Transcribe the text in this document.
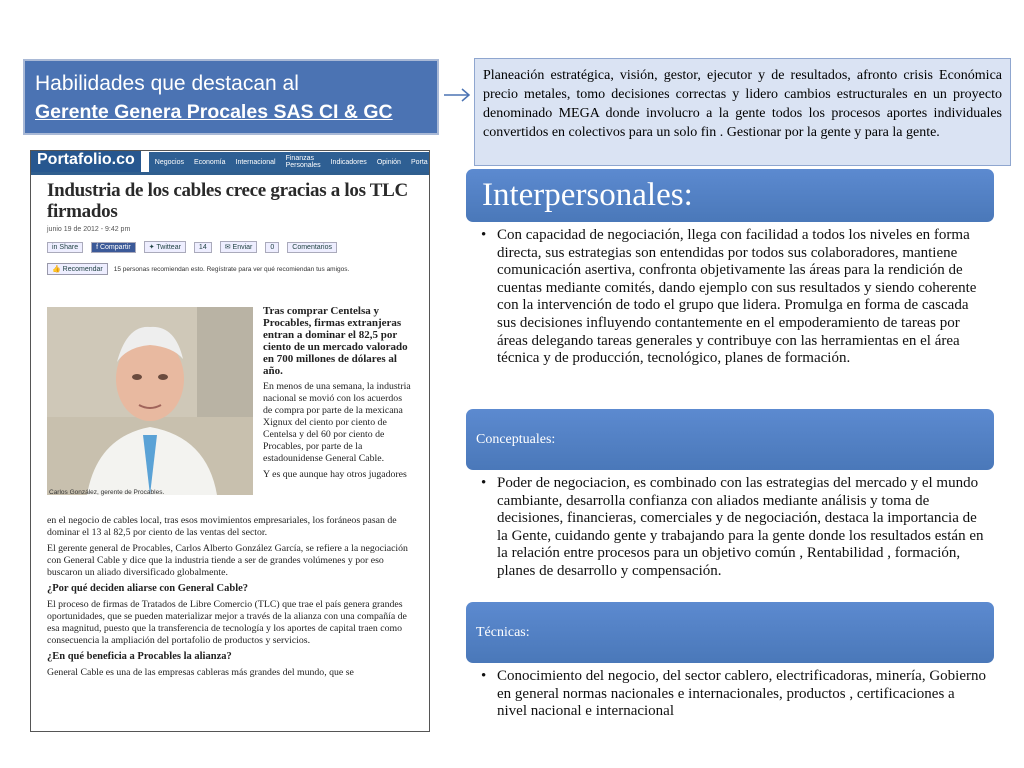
Habilidades que destacan al
Gerente Genera Procales SAS CI & GC
Planeación estratégica, visión, gestor, ejecutor y de resultados, afronto crisis Económica precio metales, tomo decisiones correctas y lidero cambios estructurales en un proyecto denominado MEGA donde involucro a la gente todos los procesos aportes individuales convertidos en colectivos para un solo fin . Gestionar por la gente y para la gente.
Portafolio.co	Negocios Economía Internacional Finanzas Personales Indicadores Opinión Porta
Industria de los cables crece gracias a los TLC firmados
junio 19 de 2012 - 9:42 pm
in Share	f Compartir	✦ Twittear	14	✉ Enviar	0	Comentarios
👍 Recomendar	15 personas recomiendan esto. Regístrate para ver qué recomiendan tus amigos.
Carlos González, gerente de Procables.
Tras comprar Centelsa y Procables, firmas extranjeras entran a dominar el 82,5 por ciento de un mercado valorado en 700 millones de dólares al año.

En menos de una semana, la industria nacional se movió con los acuerdos de compra por parte de la mexicana Xignux del ciento por ciento de Centelsa y del 60 por ciento de Procables, por parte de la estadounidense General Cable.

Y es que aunque hay otros jugadores

en el negocio de cables local, tras esos movimientos empresariales, los foráneos pasan de dominar el 13 al 82,5 por ciento de las ventas del sector.

El gerente general de Procables, Carlos Alberto González García, se refiere a la negociación con General Cable y dice que la industria tiende a ser de grandes volúmenes y por eso buscaron un aliado diversificado globalmente.

¿Por qué deciden aliarse con General Cable?

El proceso de firmas de Tratados de Libre Comercio (TLC) que trae el país genera grandes oportunidades, que se pueden materializar mejor a través de la alianza con una compañía de esa magnitud, puesto que la transferencia de tecnología y los aportes de capital traen como consecuencia la ampliación del portafolio de productos y servicios.

¿En qué beneficia a Procables la alianza?

General Cable es una de las empresas cableras más grandes del mundo, que se

Interpersonales:
• Con capacidad de negociación, llega con facilidad a todos los niveles en forma directa, sus estrategias son entendidas por todos sus colaboradores, mantiene comunicación asertiva, confronta objetivamente las áreas para la rendición de cuentas mediante comités, dando ejemplo con sus resultados y siendo coherente con la intervención de todo el grupo que lidera. Promulga en forma de cascada sus decisiones influyendo contantemente en el empoderamiento de tareas por áreas delegando tareas generales y contribuye con las herramientas en el área técnica y de producción, tecnológico, planes de formación.
Conceptuales:
• Poder de negociacion, es combinado con las estrategias del mercado y el mundo cambiante, desarrolla confianza con aliados mediante análisis y toma de decisiones, financieras, comerciales y de negociación, destaca la importancia de la Gente, cuidando gente y trabajando para la gente donde los resultados están en la relación entre procesos para un objetivo común , Rentabilidad , formación, planes de desarrollo y compensación.
Técnicas:
• Conocimiento del negocio, del sector cablero, electrificadoras, minería, Gobierno en general normas nacionales e internacionales, productos , certificaciones a nivel nacional e internacional
